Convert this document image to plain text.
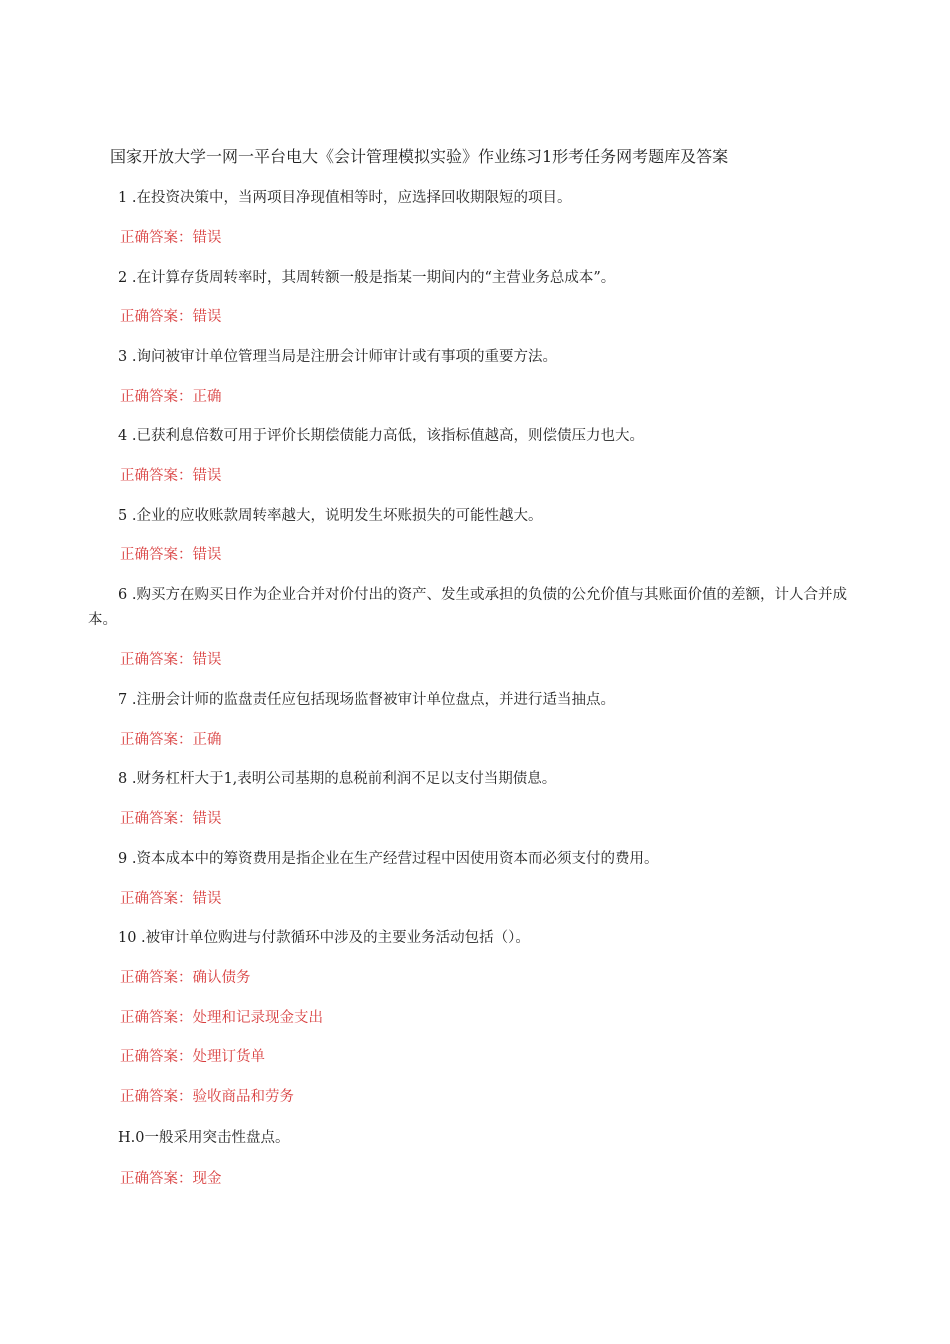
国家开放大学一网一平台电大《会计管理模拟实验》作业练习1形考任务网考题库及答案
1 .在投资决策中，当两项目净现值相等时，应选择回收期限短的项目。
正确答案：错误
2 .在计算存货周转率时，其周转额一般是指某一期间内的“主营业务总成本”。
正确答案：错误
3 .询问被审计单位管理当局是注册会计师审计或有事项的重要方法。
正确答案：正确
4 .已获利息倍数可用于评价长期偿债能力高低，该指标值越高，则偿债压力也大。
正确答案：错误
5 .企业的应收账款周转率越大，说明发生坏账损失的可能性越大。
正确答案：错误
6 .购买方在购买日作为企业合并对价付出的资产、发生或承担的负债的公允价值与其账面价值的差额，计人合并成本。
正确答案：错误
7 .注册会计师的监盘责任应包括现场监督被审计单位盘点，并进行适当抽点。
正确答案：正确
8 .财务杠杆大于1,表明公司基期的息税前利润不足以支付当期债息。
正确答案：错误
9 .资本成本中的筹资费用是指企业在生产经营过程中因使用资本而必须支付的费用。
正确答案：错误
10 .被审计单位购进与付款循环中涉及的主要业务活动包括（）。
正确答案：确认债务
正确答案：处理和记录现金支出
正确答案：处理订货单
正确答案：验收商品和劳务
H.0一般采用突击性盘点。
正确答案：现金
